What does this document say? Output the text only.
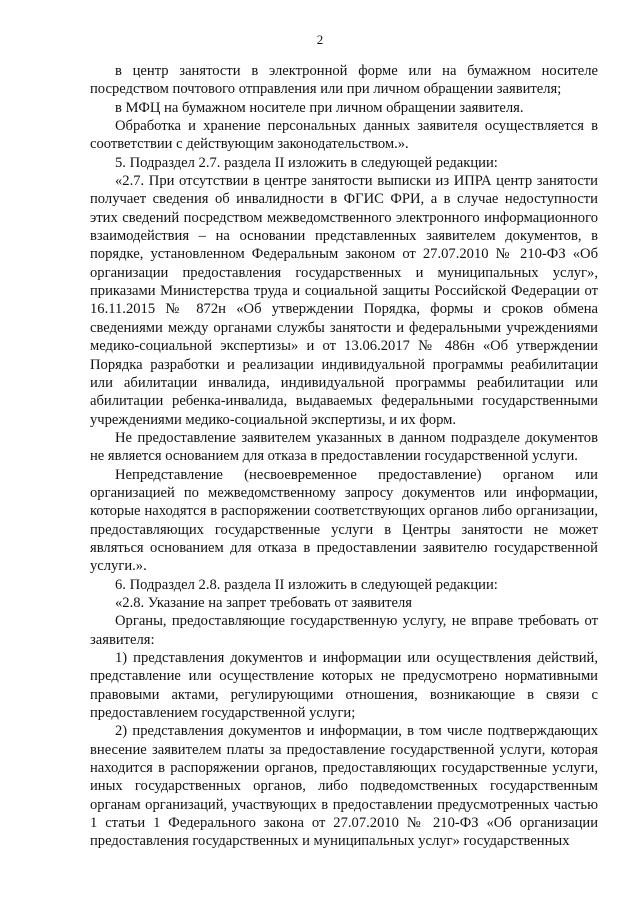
2

в центр занятости в электронной форме или на бумажном носителе посредством почтового отправления или при личном обращении заявителя;

в МФЦ на бумажном носителе при личном обращении заявителя.

Обработка и хранение персональных данных заявителя осуществляется в соответствии с действующим законодательством.».

5. Подраздел 2.7. раздела II изложить в следующей редакции:

«2.7. При отсутствии в центре занятости выписки из ИПРА центр занятости получает сведения об инвалидности в ФГИС ФРИ, а в случае недоступности этих сведений посредством межведомственного электронного информационного взаимодействия – на основании представленных заявителем документов, в порядке, установленном Федеральным законом от 27.07.2010 № 210-ФЗ «Об организации предоставления государственных и муниципальных услуг», приказами Министерства труда и социальной защиты Российской Федерации от 16.11.2015 № 872н «Об утверждении Порядка, формы и сроков обмена сведениями между органами службы занятости и федеральными учреждениями медико-социальной экспертизы» и от 13.06.2017 № 486н «Об утверждении Порядка разработки и реализации индивидуальной программы реабилитации или абилитации инвалида, индивидуальной программы реабилитации или абилитации ребенка-инвалида, выдаваемых федеральными государственными учреждениями медико-социальной экспертизы, и их форм.

Не предоставление заявителем указанных в данном подразделе документов не является основанием для отказа в предоставлении государственной услуги.

Непредставление (несвоевременное предоставление) органом или организацией по межведомственному запросу документов или информации, которые находятся в распоряжении соответствующих органов либо организации, предоставляющих государственные услуги в Центры занятости не может являться основанием для отказа в предоставлении заявителю государственной услуги.».

6. Подраздел 2.8. раздела II изложить в следующей редакции:

«2.8. Указание на запрет требовать от заявителя

Органы, предоставляющие государственную услугу, не вправе требовать от заявителя:

1) представления документов и информации или осуществления действий, представление или осуществление которых не предусмотрено нормативными правовыми актами, регулирующими отношения, возникающие в связи с предоставлением государственной услуги;

2) представления документов и информации, в том числе подтверждающих внесение заявителем платы за предоставление государственной услуги, которая находится в распоряжении органов, предоставляющих государственные услуги, иных государственных органов, либо подведомственных государственным органам организаций, участвующих в предоставлении предусмотренных частью 1 статьи 1 Федерального закона от 27.07.2010 № 210-ФЗ «Об организации предоставления государственных и муниципальных услуг» государственных
